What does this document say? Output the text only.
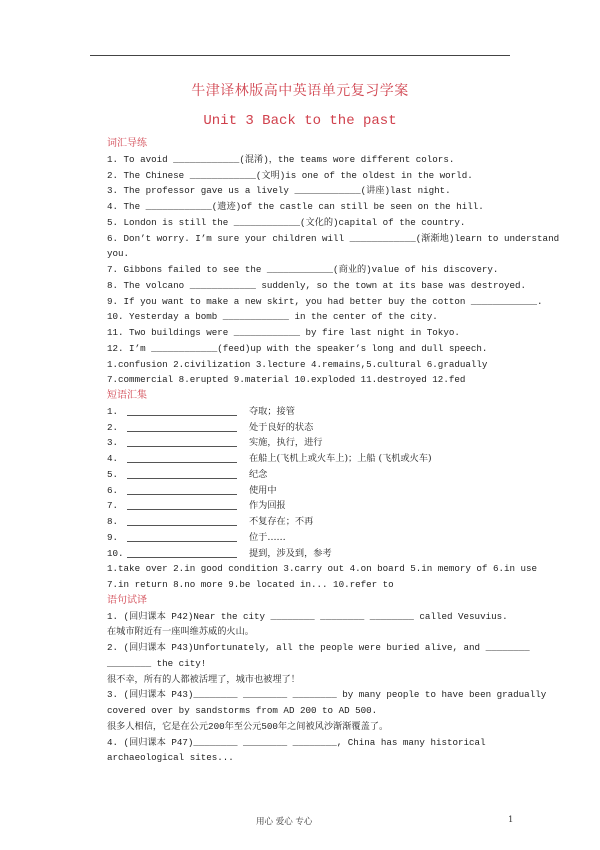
牛津译林版高中英语单元复习学案
Unit 3 Back to the past
词汇导练
1. To avoid ____________(混淆)，the teams wore different colors.
2. The Chinese ____________(文明)is one of the oldest in the world.
3. The professor gave us a lively ____________(讲座)last night.
4. The ____________(遗迹)of the castle can still be seen on the hill.
5. London is still the ____________(文化的)capital of the country.
6. Don’t worry. I’m sure your children will ____________(渐渐地)learn to understand
you.
7. Gibbons failed to see the ____________(商业的)value of his discovery.
8. The volcano ____________ suddenly, so the town at its base was destroyed.
9. If you want to make a new skirt, you had better buy the cotton ____________.
10. Yesterday a bomb ____________ in the center of the city.
11. Two buildings were ____________ by fire last night in Tokyo.
12. I’m ____________(feed)up with the speaker’s long and dull speech.
1.confusion 2.civilization 3.lecture 4.remains,5.cultural 6.gradually
7.commercial 8.erupted 9.material 10.exploded 11.destroyed 12.fed
短语汇集
1.	夺取；接管
2.	处于良好的状态
3.	实施，执行，进行
4.	在船上(飞机上或火车上)；上船 (飞机或火车)
5.	纪念
6.	使用中
7.	作为回报
8.	不复存在；不再
9.	位于……
10.	提到，涉及到，参考
1.take over 2.in good condition 3.carry out 4.on board 5.in memory of 6.in use
7.in return 8.no more 9.be located in... 10.refer to
语句试译
1. (回归课本 P42)Near the city ________ ________ ________ called Vesuvius.
在城市附近有一座叫维苏威的火山。
2. (回归课本 P43)Unfortunately, all the people were buried alive, and ________
________ the city!
很不幸，所有的人都被活埋了，城市也被埋了！
3. (回归课本 P43)________ ________ ________ by many people to have been gradually
covered over by sandstorms from AD 200 to AD 500.
很多人相信，它是在公元200年至公元500年之间被风沙渐渐覆盖了。
4. (回归课本 P47)________ ________ ________, China has many historical
archaeological sites...
用心 爱心 专心	1
